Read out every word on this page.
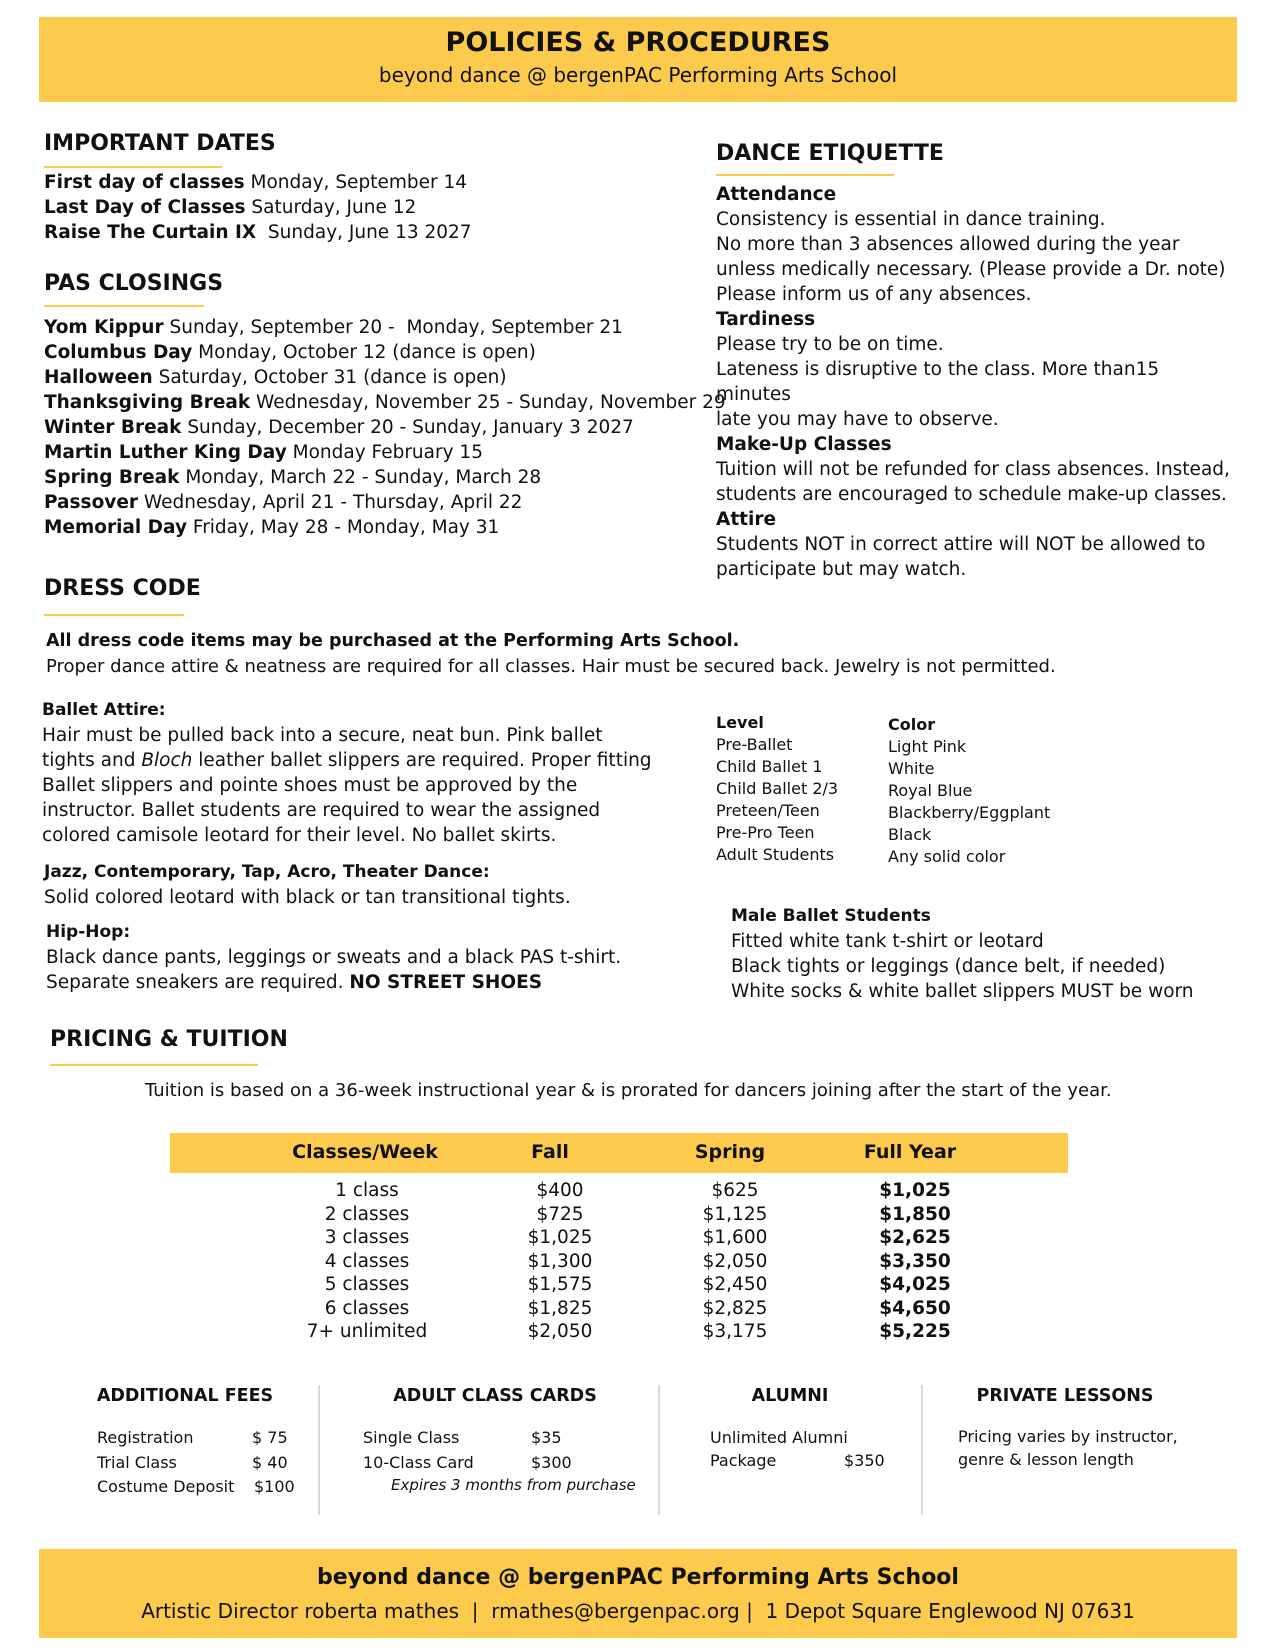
POLICIES & PROCEDURES
beyond dance @ bergenPAC Performing Arts School
IMPORTANT DATES
First day of classes Monday, September 14
Last Day of Classes Saturday, June 12
Raise The Curtain IX  Sunday, June 13 2027
PAS CLOSINGS
Yom Kippur Sunday, September 20 -  Monday, September 21
Columbus Day Monday, October 12 (dance is open)
Halloween Saturday, October 31 (dance is open)
Thanksgiving Break Wednesday, November 25 - Sunday, November 29
Winter Break Sunday, December 20 - Sunday, January 3 2027
Martin Luther King Day Monday February 15
Spring Break Monday, March 22 - Sunday, March 28
Passover Wednesday, April 21 - Thursday, April 22
Memorial Day Friday, May 28 - Monday, May 31
DANCE ETIQUETTE
Attendance
Consistency is essential in dance training.
No more than 3 absences allowed during the year
unless medically necessary. (Please provide a Dr. note)
Please inform us of any absences.
Tardiness
Please try to be on time.
Lateness is disruptive to the class. More than15 minutes
late you may have to observe.
Make-Up Classes
Tuition will not be refunded for class absences. Instead,
students are encouraged to schedule make-up classes.
Attire
Students NOT in correct attire will NOT be allowed to
participate but may watch.
DRESS CODE
All dress code items may be purchased at the Performing Arts School.
Proper dance attire & neatness are required for all classes. Hair must be secured back. Jewelry is not permitted.
Ballet Attire:
Hair must be pulled back into a secure, neat bun. Pink ballet
tights and Bloch leather ballet slippers are required. Proper fitting
Ballet slippers and pointe shoes must be approved by the
instructor. Ballet students are required to wear the assigned
colored camisole leotard for their level. No ballet skirts.
Jazz, Contemporary, Tap, Acro, Theater Dance:
Solid colored leotard with black or tan transitional tights.
Hip-Hop:
Black dance pants, leggings or sweats and a black PAS t-shirt.
Separate sneakers are required. NO STREET SHOES
Level	Color
Pre-Ballet	Light Pink
Child Ballet 1	White
Child Ballet 2/3	Royal Blue
Preteen/Teen	Blackberry/Eggplant
Pre-Pro Teen	Black
Adult Students	Any solid color
Male Ballet Students
Fitted white tank t-shirt or leotard
Black tights or leggings (dance belt, if needed)
White socks & white ballet slippers MUST be worn
PRICING & TUITION
Tuition is based on a 36-week instructional year & is prorated for dancers joining after the start of the year.
Classes/Week	Fall	Spring	Full Year
1 class	$400	$625	$1,025
2 classes	$725	$1,125	$1,850
3 classes	$1,025	$1,600	$2,625
4 classes	$1,300	$2,050	$3,350
5 classes	$1,575	$2,450	$4,025
6 classes	$1,825	$2,825	$4,650
7+ unlimited	$2,050	$3,175	$5,225
ADDITIONAL FEES
Registration	$ 75
Trial Class	$ 40
Costume Deposit $100
ADULT CLASS CARDS
Single Class	$35
10-Class Card	$300
Expires 3 months from purchase
ALUMNI
Unlimited Alumni
Package	$350
PRIVATE LESSONS
Pricing varies by instructor,
genre & lesson length
beyond dance @ bergenPAC Performing Arts School
Artistic Director roberta mathes  |  rmathes@bergenpac.org |  1 Depot Square Englewood NJ 07631
